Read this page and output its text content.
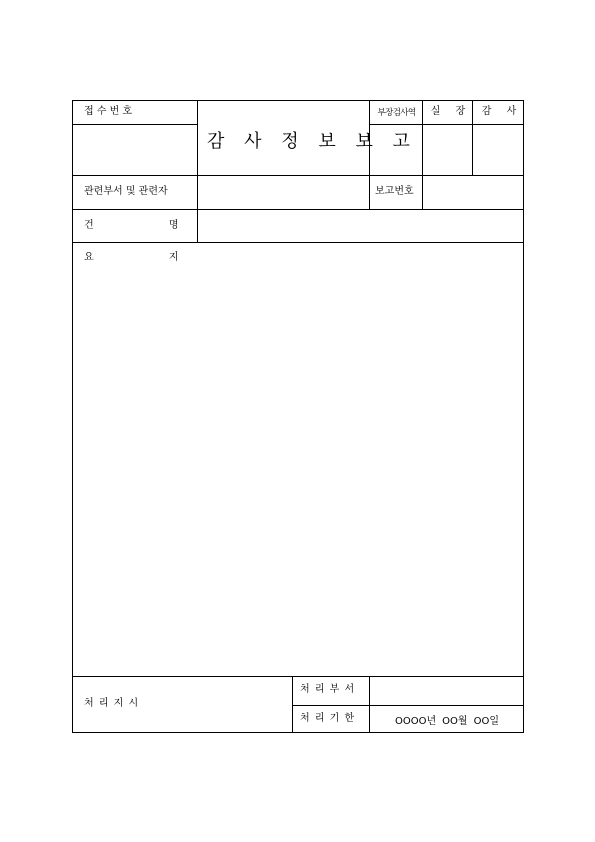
접 수 번 호
감 사 정 보 보 고
부장검사역	실 장	감 사
관련부서 및 관련자	보고번호
건 명
요 지
처 리 지 시
처 리 부 서
처 리 기 한	OOOO년 OO월 OO일
